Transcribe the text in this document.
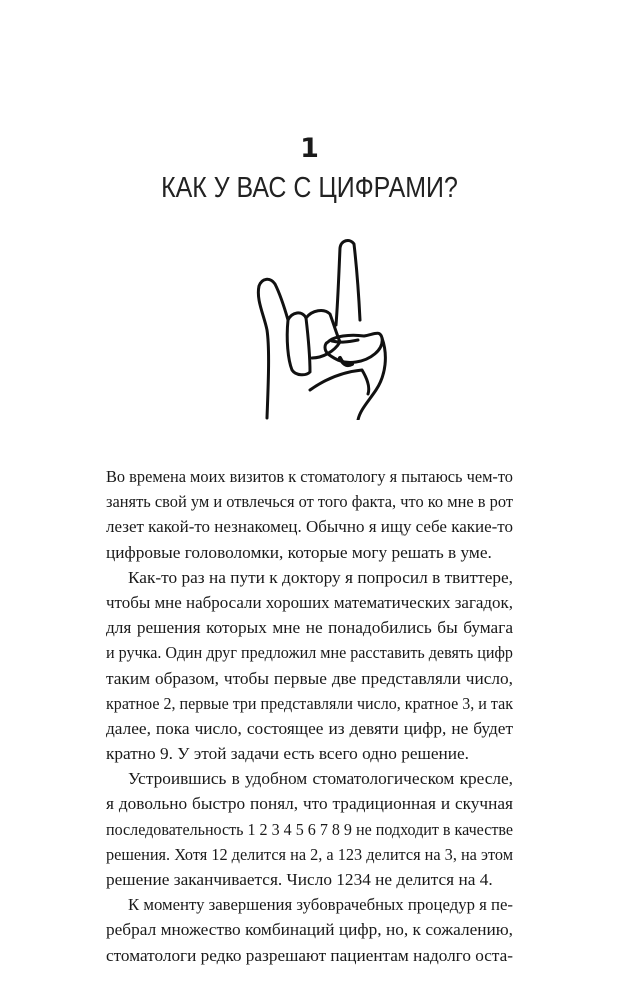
1
КАК У ВАС С ЦИФРАМИ?
Во времена моих визитов к стоматологу я пытаюсь чем-то
занять свой ум и отвлечься от того факта, что ко мне в рот
лезет какой-то незнакомец. Обычно я ищу себе какие-то
цифровые головоломки, которые могу решать в уме.
Как-то раз на пути к доктору я попросил в твиттере,
чтобы мне набросали хороших математических загадок,
для решения которых мне не понадобились бы бумага
и ручка. Один друг предложил мне расставить девять цифр
таким образом, чтобы первые две представляли число,
кратное 2, первые три представляли число, кратное 3, и так
далее, пока число, состоящее из девяти цифр, не будет
кратно 9. У этой задачи есть всего одно решение.
Устроившись в удобном стоматологическом кресле,
я довольно быстро понял, что традиционная и скучная
последовательность 1 2 3 4 5 6 7 8 9 не подходит в качестве
решения. Хотя 12 делится на 2, а 123 делится на 3, на этом
решение заканчивается. Число 1234 не делится на 4.
К моменту завершения зубоврачебных процедур я пе-
ребрал множество комбинаций цифр, но, к сожалению,
стоматологи редко разрешают пациентам надолго оста-
